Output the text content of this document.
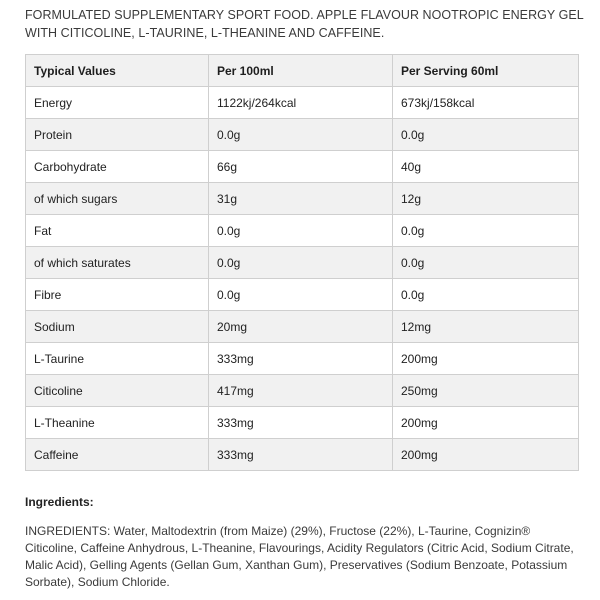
FORMULATED SUPPLEMENTARY SPORT FOOD. APPLE FLAVOUR NOOTROPIC ENERGY GEL WITH CITICOLINE, L-TAURINE, L-THEANINE AND CAFFEINE.
Typical Values	Per 100ml	Per Serving 60ml
Energy	1122kj/264kcal	673kj/158kcal
Protein	0.0g	0.0g
Carbohydrate	66g	40g
of which sugars	31g	12g
Fat	0.0g	0.0g
of which saturates	0.0g	0.0g
Fibre	0.0g	0.0g
Sodium	20mg	12mg
L-Taurine	333mg	200mg
Citicoline	417mg	250mg
L-Theanine	333mg	200mg
Caffeine	333mg	200mg
Ingredients:
INGREDIENTS: Water, Maltodextrin (from Maize) (29%), Fructose (22%), L-Taurine, Cognizin® Citicoline, Caffeine Anhydrous, L-Theanine, Flavourings, Acidity Regulators (Citric Acid, Sodium Citrate, Malic Acid), Gelling Agents (Gellan Gum, Xanthan Gum), Preservatives (Sodium Benzoate, Potassium Sorbate), Sodium Chloride.
